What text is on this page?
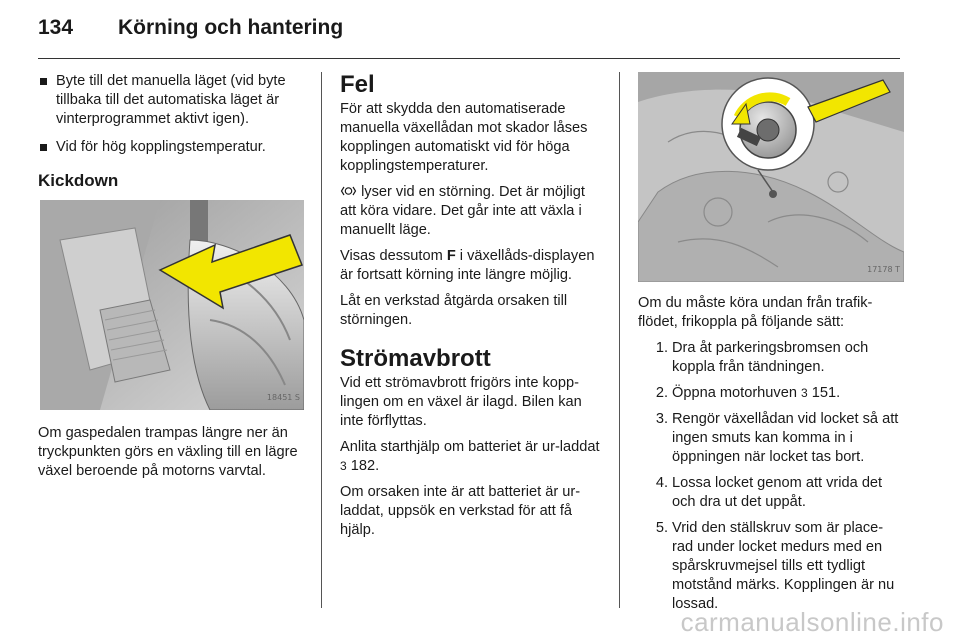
134	Körning och hantering
Byte till det manuella läget (vid byte tillbaka till det automatiska läget är vinterprogrammet aktivt igen).
Vid för hög kopplingstemperatur.
Kickdown
18451 S

Om gaspedalen trampas längre ner än tryckpunkten görs en växling till en lägre växel beroende på motorns varvtal.

Fel

För att skydda den automatiserade manuella växellådan mot skador låses kopplingen automatiskt vid för höga kopplingstemperaturer.

lyser vid en störning. Det är möjligt att köra vidare. Det går inte att växla i manuellt läge.

Visas dessutom F i växellåds-displayen är fortsatt körning inte längre möjlig.

Låt en verkstad åtgärda orsaken till störningen.

Strömavbrott

Vid ett strömavbrott frigörs inte kopp-lingen om en växel är ilagd. Bilen kan inte förflyttas.

Anlita starthjälp om batteriet är ur-laddat 3 182.

Om orsaken inte är att batteriet är ur-laddat, uppsök en verkstad för att få hjälp.

17178 T

Om du måste köra undan från trafik-flödet, frikoppla på följande sätt:

1. Dra åt parkeringsbromsen och koppla från tändningen.
2. Öppna motorhuven 3 151.
3. Rengör växellådan vid locket så att ingen smuts kan komma in i öppningen när locket tas bort.
4. Lossa locket genom att vrida det och dra ut det uppåt.
5. Vrid den ställskruv som är place-rad under locket medurs med en spårskruvmejsel tills ett tydligt motstånd märks. Kopplingen är nu lossad.
carmanualsonline.info
